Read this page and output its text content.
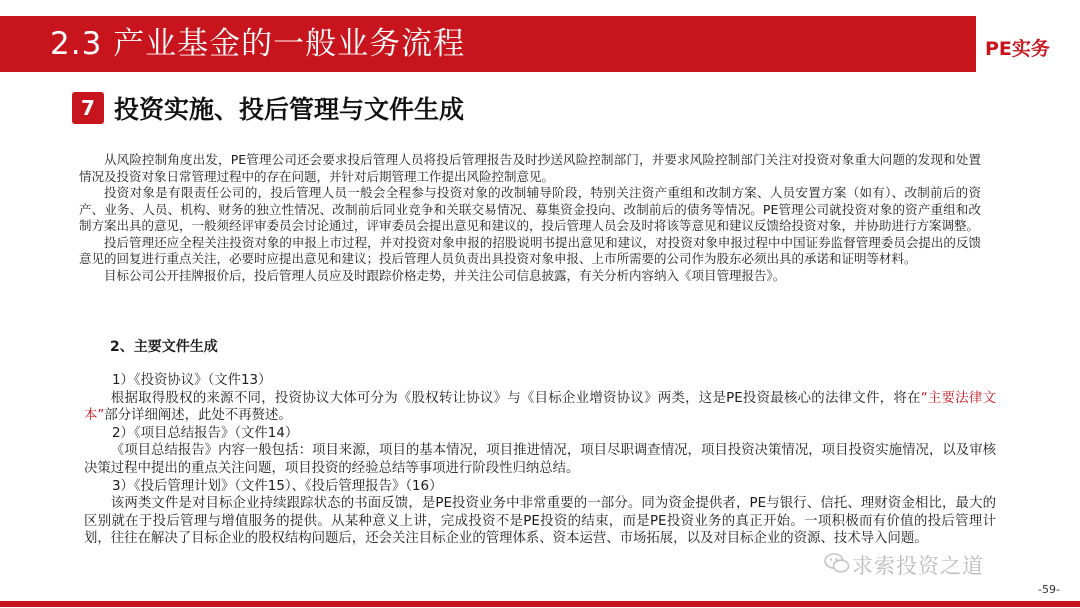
2.3 产业基金的一般业务流程	PE实务
7 投资实施、投后管理与文件生成
从风险控制角度出发，PE管理公司还会要求投后管理人员将投后管理报告及时抄送风险控制部门，并要求风险控制部门关注对投资对象重大问题的发现和处置情况及投资对象日常管理过程中的存在问题，并针对后期管理工作提出风险控制意见。
投资对象是有限责任公司的，投后管理人员一般会全程参与投资对象的改制辅导阶段，特别关注资产重组和改制方案、人员安置方案（如有）、改制前后的资产、业务、人员、机构、财务的独立性情况、改制前后同业竞争和关联交易情况、募集资金投向、改制前后的债务等情况。PE管理公司就投资对象的资产重组和改制方案出具的意见，一般须经评审委员会讨论通过，评审委员会提出意见和建议的，投后管理人员会及时将该等意见和建议反馈给投资对象，并协助进行方案调整。
投后管理还应全程关注投资对象的申报上市过程，并对投资对象申报的招股说明书提出意见和建议，对投资对象申报过程中中国证券监督管理委员会提出的反馈意见的回复进行重点关注，必要时应提出意见和建议；投后管理人员负责出具投资对象申报、上市所需要的公司作为股东必须出具的承诺和证明等材料。
目标公司公开挂牌报价后，投后管理人员应及时跟踪价格走势，并关注公司信息披露，有关分析内容纳入《项目管理报告》。
2、主要文件生成
1）《投资协议》（文件13）
根据取得股权的来源不同，投资协议大体可分为《股权转让协议》与《目标企业增资协议》两类，这是PE投资最核心的法律文件，将在“主要法律文本”部分详细阐述，此处不再赘述。
2）《项目总结报告》（文件14）
《项目总结报告》内容一般包括：项目来源，项目的基本情况，项目推进情况，项目尽职调查情况，项目投资决策情况，项目投资实施情况，以及审核决策过程中提出的重点关注问题，项目投资的经验总结等事项进行阶段性归纳总结。
3）《投后管理计划》（文件15）、《投后管理报告》（16）
该两类文件是对目标企业持续跟踪状态的书面反馈，是PE投资业务中非常重要的一部分。同为资金提供者，PE与银行、信托、理财资金相比，最大的区别就在于投后管理与增值服务的提供。从某种意义上讲，完成投资不是PE投资的结束，而是PE投资业务的真正开始。一项积极而有价值的投后管理计划，往往在解决了目标企业的股权结构问题后，还会关注目标企业的管理体系、资本运营、市场拓展，以及对目标企业的资源、技术导入问题。
求索投资之道
-59-
